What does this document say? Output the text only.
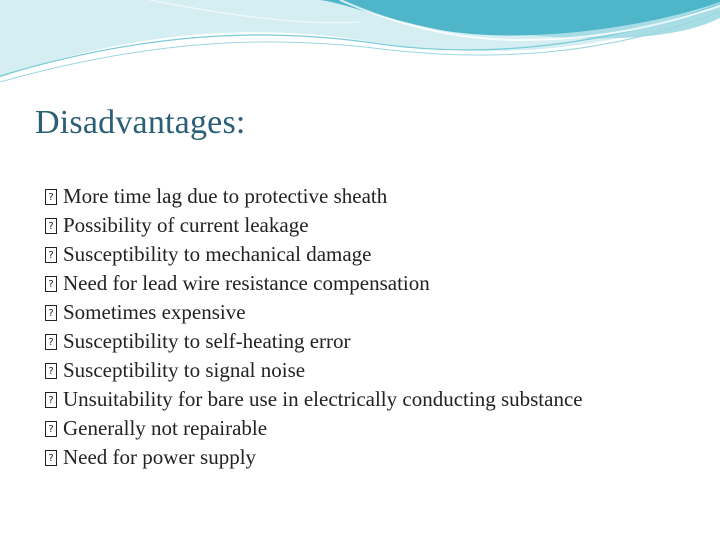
Disadvantages:
?
More time lag due to protective sheath
?
Possibility of current leakage
?
Susceptibility to mechanical damage
?
Need for lead wire resistance compensation
?
Sometimes expensive
?
Susceptibility to self-heating error
?
Susceptibility to signal noise
?
Unsuitability for bare use in electrically conducting substance
?
Generally not repairable
?
Need for power supply
